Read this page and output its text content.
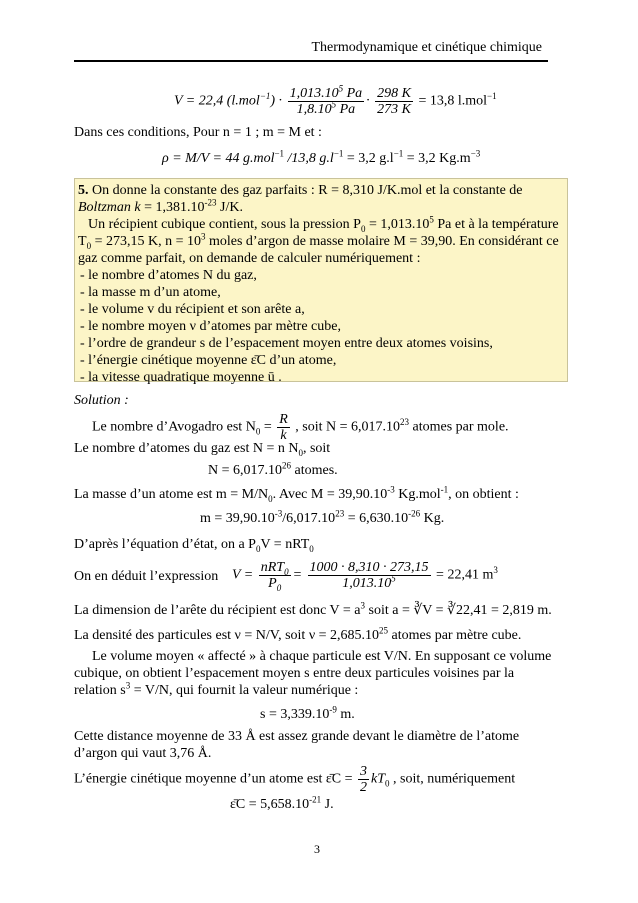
Thermodynamique et cinétique chimique
V = 22,4 $(l.mol^{-1}) \cdot \frac{1,013.10^5 Pa}{1,8.10^5 Pa} \cdot \frac{298 K}{273 K} = 13,8$ l.mol$^{-1}$
Dans ces conditions, Pour n = 1 ; m = M et :
ρ = M/V = 44 g.mol$^{-1}$ /13,8 $g.l^{-1} = 3,2$ $g.l^{-1} = 3,2$ $Kg.m^{-3}$
5. On donne la constante des gaz parfaits : R = 8,310 J/K.mol et la constante de
Boltzman $k = 1,381.10^{-23}$ J/K.
Un récipient cubique contient, sous la pression $P_0 = 1,013.10^5$ Pa et à la température
$T_0 = 273,15$ K, $n = 10^3$ moles d’argon de masse molaire M = 39,90. En considérant ce
gaz comme parfait, on demande de calculer numériquement :
- le nombre d’atomes N du gaz,
- la masse m d’un atome,
- le volume v du récipient et son arête a,
- le nombre moyen ν d’atomes par mètre cube,
- l’ordre de grandeur s de l’espacement moyen entre deux atomes voisins,
- l’énergie cinétique moyenne ε̄C d’un atome,
- la vitesse quadratique moyenne ū .
Solution :
Le nombre d’Avogadro est $N_0 = \frac{R}{k}$ , soit $N = 6,017.10^{23}$ atomes par mole.
Le nombre d’atomes du gaz est N = n $N_0$, soit
$N = 6,017.10^{26}$ atomes.
La masse d’un atome est $m = M/N_0$. Avec $M = 39,90.10^{-3}$ Kg.mol$^{-1}$, on obtient :
$m = 39,90.10^{-3}/6,017.10^{23} = 6,630.10^{-26}$ Kg.
D’après l’équation d’état, on a $P_0V = nRT_0$
On en déduit l’expression $V = \frac{nRT_0}{P_0} = \frac{1000 \cdot 8,310 \cdot 273,15}{1,013.10^5} = 22,41$ $m^3$
La dimension de l’arête du récipient est donc $V = a^3$ soit a = ∛V = ∛22,41 = 2,819 m.
La densité des particules est ν = N/V, soit $\nu = 2,685.10^{25}$ atomes par mètre cube.
Le volume moyen « affecté » à chaque particule est V/N. En supposant ce volume
cubique, on obtient l’espacement moyen s entre deux particules voisines par la
relation $s^3 = V/N$, qui fournit la valeur numérique :
$s = 3,339.10^{-9}$ m.
Cette distance moyenne de 33 Å est assez grande devant le diamètre de l’atome
d’argon qui vaut 3,76 Å.
L’énergie cinétique moyenne d’un atome est ε̄C = $\frac{3}{2} kT_0$ , soit, numériquement
ε̄C = $5,658.10^{-21}$ J.
3
